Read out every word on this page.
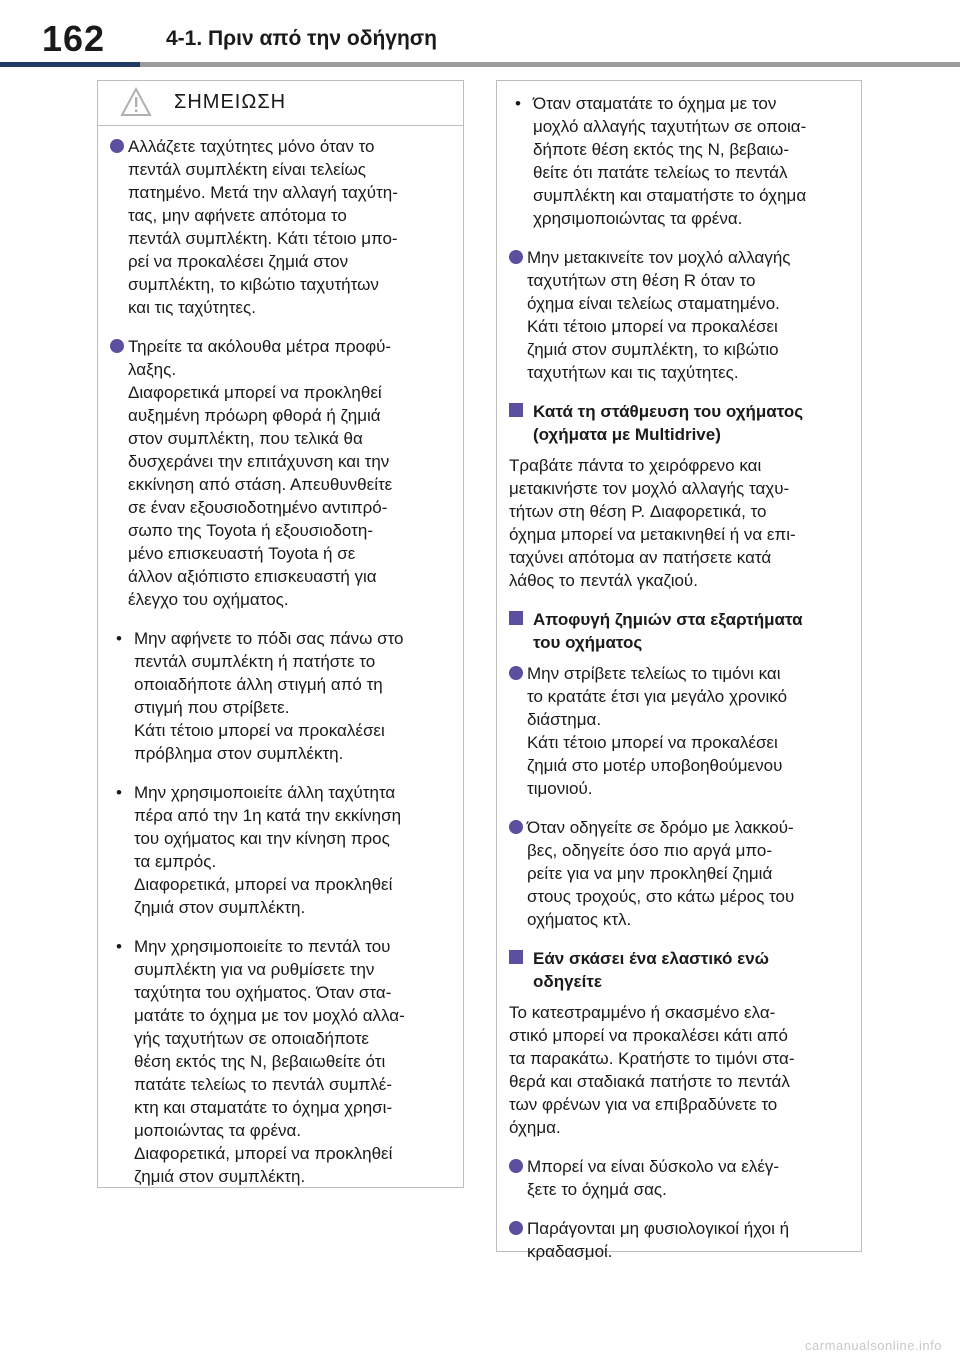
162	4-1. Πριν από την οδήγηση
ΣΗΜΕΙΩΣΗ
Αλλάζετε ταχύτητες μόνο όταν το
πεντάλ συμπλέκτη είναι τελείως
πατημένο. Μετά την αλλαγή ταχύτη-
τας, μην αφήνετε απότομα το
πεντάλ συμπλέκτη. Κάτι τέτοιο μπο-
ρεί να προκαλέσει ζημιά στον
συμπλέκτη, το κιβώτιο ταχυτήτων
και τις ταχύτητες.
Τηρείτε τα ακόλουθα μέτρα προφύ-
λαξης.
Διαφορετικά μπορεί να προκληθεί
αυξημένη πρόωρη φθορά ή ζημιά
στον συμπλέκτη, που τελικά θα
δυσχεράνει την επιτάχυνση και την
εκκίνηση από στάση. Απευθυνθείτε
σε έναν εξουσιοδοτημένο αντιπρό-
σωπο της Toyota ή εξουσιοδοτη-
μένο επισκευαστή Toyota ή σε
άλλον αξιόπιστο επισκευαστή για
έλεγχο του οχήματος.
• Μην αφήνετε το πόδι σας πάνω στο
πεντάλ συμπλέκτη ή πατήστε το
οποιαδήποτε άλλη στιγμή από τη
στιγμή που στρίβετε.
Κάτι τέτοιο μπορεί να προκαλέσει
πρόβλημα στον συμπλέκτη.
• Μην χρησιμοποιείτε άλλη ταχύτητα
πέρα από την 1η κατά την εκκίνηση
του οχήματος και την κίνηση προς
τα εμπρός.
Διαφορετικά, μπορεί να προκληθεί
ζημιά στον συμπλέκτη.
• Μην χρησιμοποιείτε το πεντάλ του
συμπλέκτη για να ρυθμίσετε την
ταχύτητα του οχήματος. Όταν στα-
ματάτε το όχημα με τον μοχλό αλλα-
γής ταχυτήτων σε οποιαδήποτε
θέση εκτός της N, βεβαιωθείτε ότι
πατάτε τελείως το πεντάλ συμπλέ-
κτη και σταματάτε το όχημα χρησι-
μοποιώντας τα φρένα.
Διαφορετικά, μπορεί να προκληθεί
ζημιά στον συμπλέκτη.
• Όταν σταματάτε το όχημα με τον
μοχλό αλλαγής ταχυτήτων σε οποια-
δήποτε θέση εκτός της N, βεβαιω-
θείτε ότι πατάτε τελείως το πεντάλ
συμπλέκτη και σταματήστε το όχημα
χρησιμοποιώντας τα φρένα.
Μην μετακινείτε τον μοχλό αλλαγής
ταχυτήτων στη θέση R όταν το
όχημα είναι τελείως σταματημένο.
Κάτι τέτοιο μπορεί να προκαλέσει
ζημιά στον συμπλέκτη, το κιβώτιο
ταχυτήτων και τις ταχύτητες.
Κατά τη στάθμευση του οχήματος
(οχήματα με Multidrive)
Τραβάτε πάντα το χειρόφρενο και
μετακινήστε τον μοχλό αλλαγής ταχυ-
τήτων στη θέση P. Διαφορετικά, το
όχημα μπορεί να μετακινηθεί ή να επι-
ταχύνει απότομα αν πατήσετε κατά
λάθος το πεντάλ γκαζιού.
Αποφυγή ζημιών στα εξαρτήματα
του οχήματος
Μην στρίβετε τελείως το τιμόνι και
το κρατάτε έτσι για μεγάλο χρονικό
διάστημα.
Κάτι τέτοιο μπορεί να προκαλέσει
ζημιά στο μοτέρ υποβοηθούμενου
τιμονιού.
Όταν οδηγείτε σε δρόμο με λακκού-
βες, οδηγείτε όσο πιο αργά μπο-
ρείτε για να μην προκληθεί ζημιά
στους τροχούς, στο κάτω μέρος του
οχήματος κτλ.
Εάν σκάσει ένα ελαστικό ενώ
οδηγείτε
Το κατεστραμμένο ή σκασμένο ελα-
στικό μπορεί να προκαλέσει κάτι από
τα παρακάτω. Κρατήστε το τιμόνι στα-
θερά και σταδιακά πατήστε το πεντάλ
των φρένων για να επιβραδύνετε το
όχημα.
Μπορεί να είναι δύσκολο να ελέγ-
ξετε το όχημά σας.
Παράγονται μη φυσιολογικοί ήχοι ή
κραδασμοί.
carmanualsonline.info
